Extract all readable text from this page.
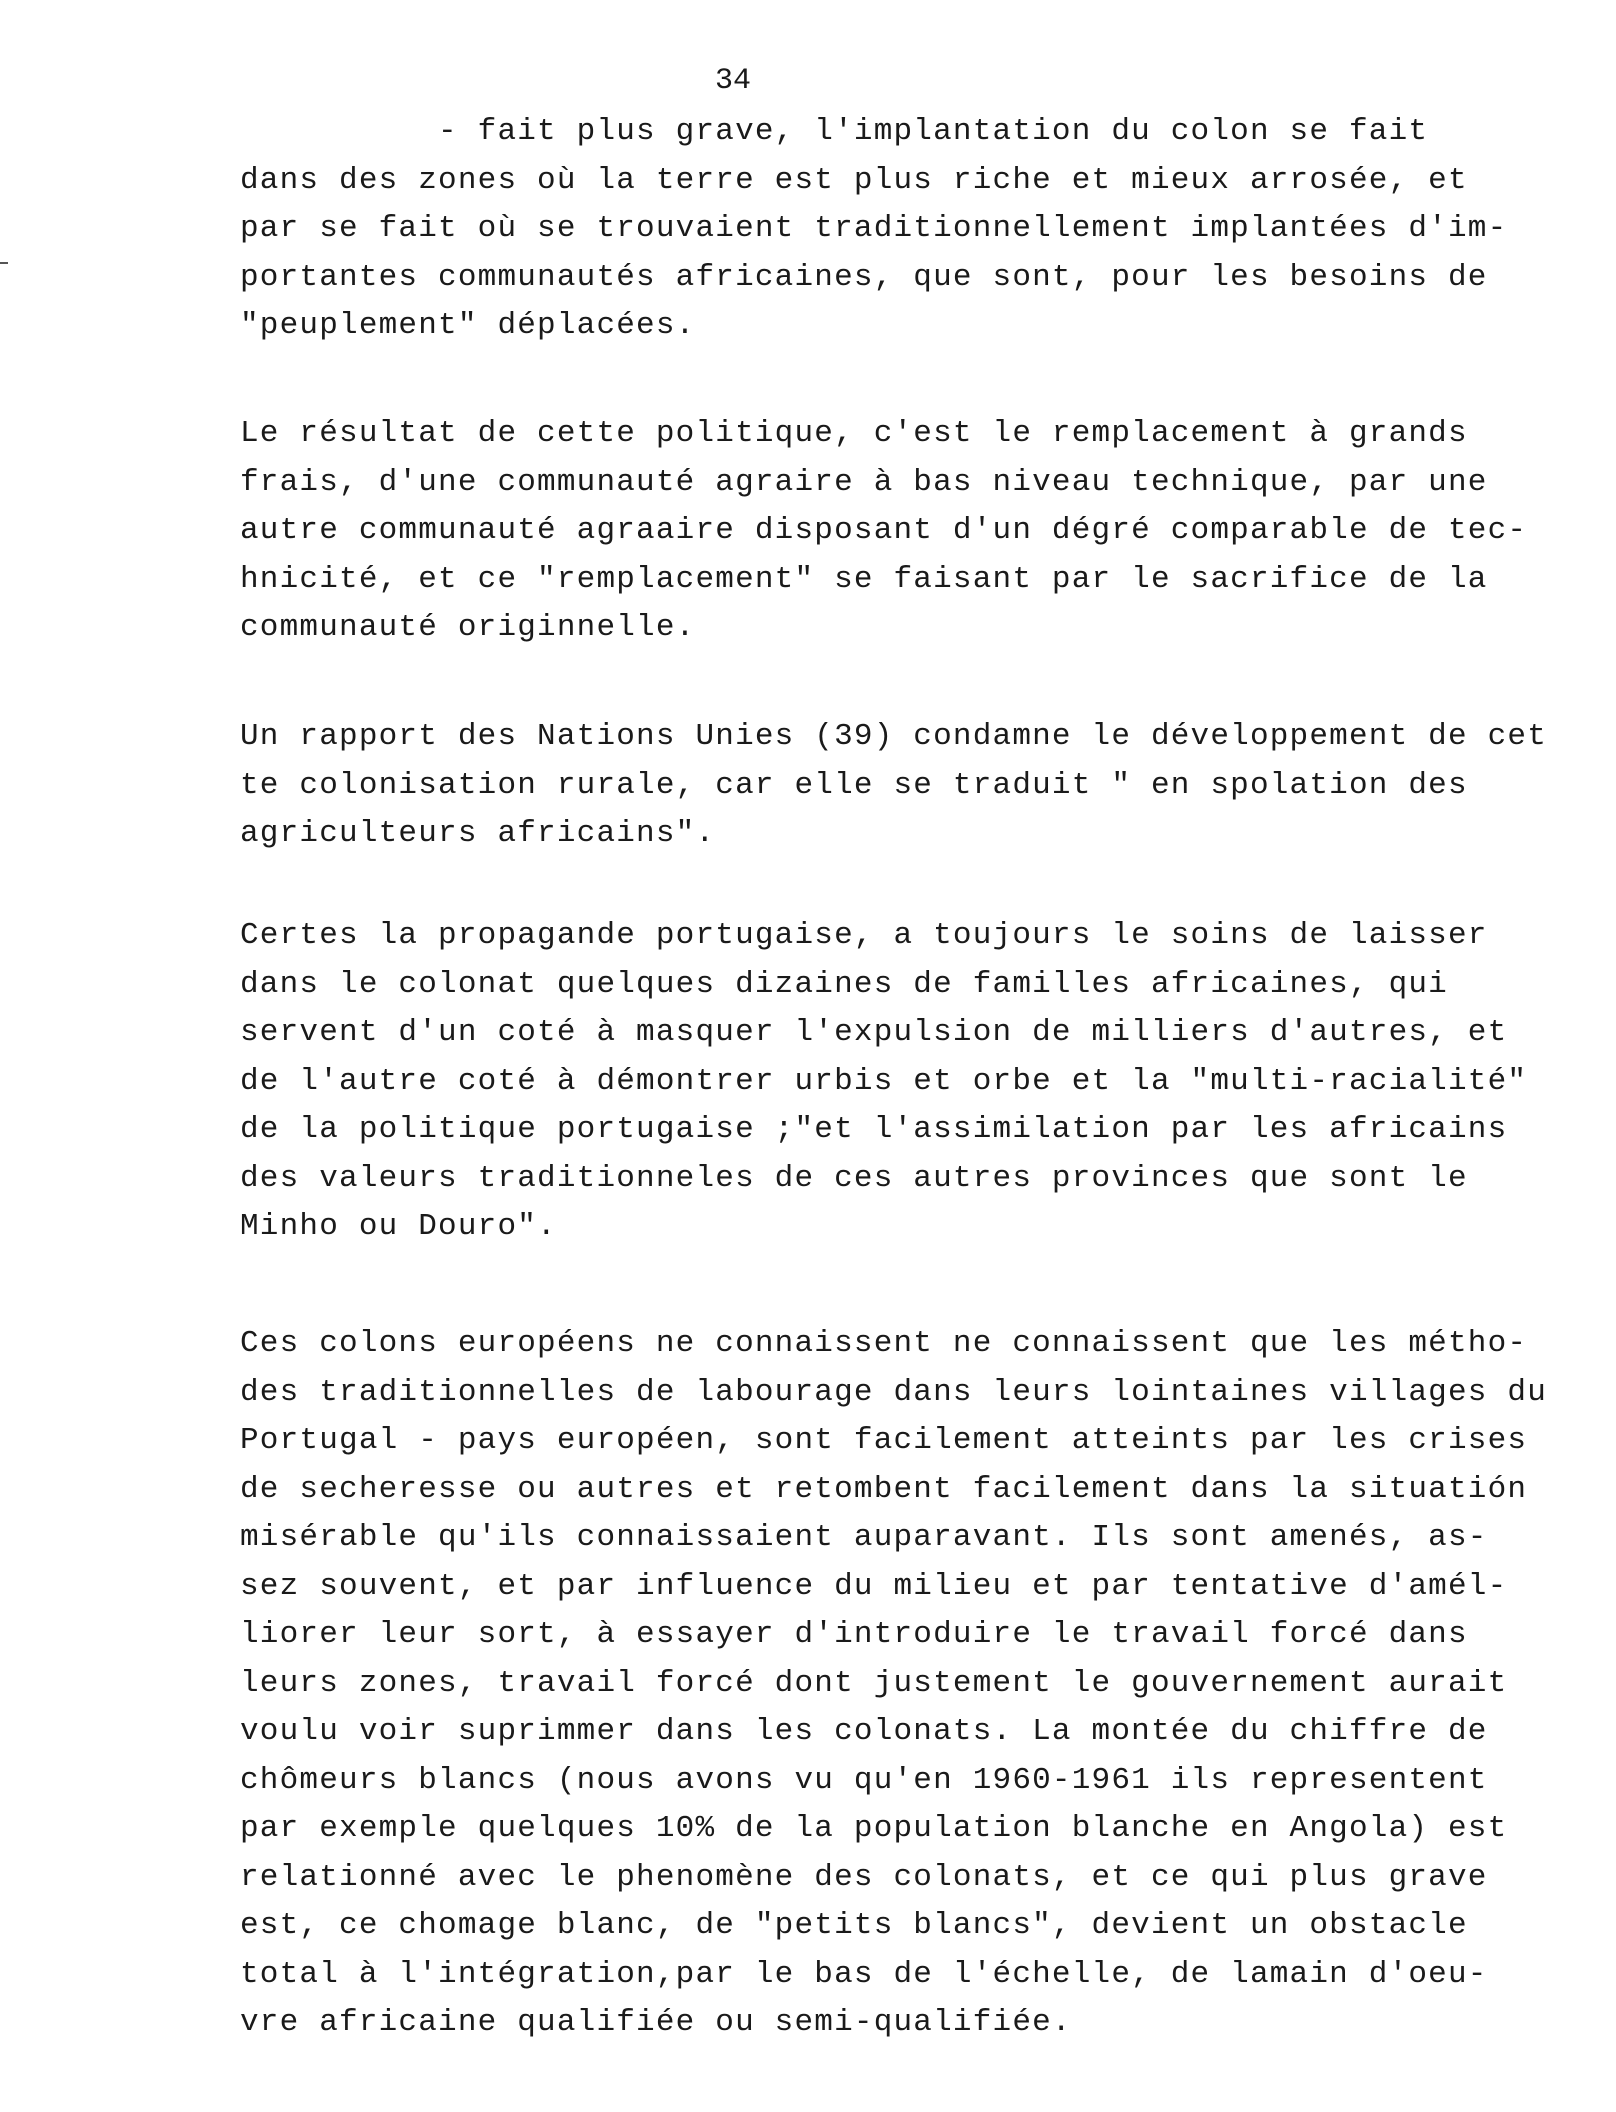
34
- fait plus grave, l'implantation du colon se fait
dans des zones où la terre est plus riche et mieux arrosée, et
par se fait où se trouvaient traditionnellement implantées d'im-
portantes communautés africaines, que sont, pour les besoins de
"peuplement" déplacées.
Le résultat de cette politique, c'est le remplacement à grands
frais, d'une communauté agraire à bas niveau technique, par une
autre communauté agraaire disposant d'un dégré comparable de tec-
hnicité, et ce "remplacement" se faisant par le sacrifice de la
communauté originnelle.
Un rapport des Nations Unies (39) condamne le développement de cet
te colonisation rurale, car elle se traduit " en spolation des
agriculteurs africains".
Certes la propagande portugaise, a toujours le soins de laisser
dans le colonat quelques dizaines de familles africaines, qui
servent d'un coté à masquer l'expulsion de milliers d'autres, et
de l'autre coté à démontrer urbis et orbe et la "multi-racialité"
de la politique portugaise ;"et l'assimilation par les africains
des valeurs traditionneles de ces autres provinces que sont le
Minho ou Douro".
Ces colons européens ne connaissent ne connaissent que les métho-
des traditionnelles de labourage dans leurs lointaines villages du
Portugal - pays européen, sont facilement atteints par les crises
de secheresse ou autres et retombent facilement dans la situatión
misérable qu'ils connaissaient auparavant. Ils sont amenés, as-
sez souvent, et par influence du milieu et par tentative d'amél-
liorer leur sort, à essayer d'introduire le travail forcé dans
leurs zones, travail forcé dont justement le gouvernement aurait
voulu voir suprimmer dans les colonats. La montée du chiffre de
chômeurs blancs (nous avons vu qu'en 1960-1961 ils representent
par exemple quelques 10% de la population blanche en Angola) est
relationné avec le phenomène des colonats, et ce qui plus grave
est, ce chomage blanc, de "petits blancs", devient un obstacle
total à l'intégration,par le bas de l'échelle, de lamain d'oeu-
vre africaine qualifiée ou semi-qualifiée.
